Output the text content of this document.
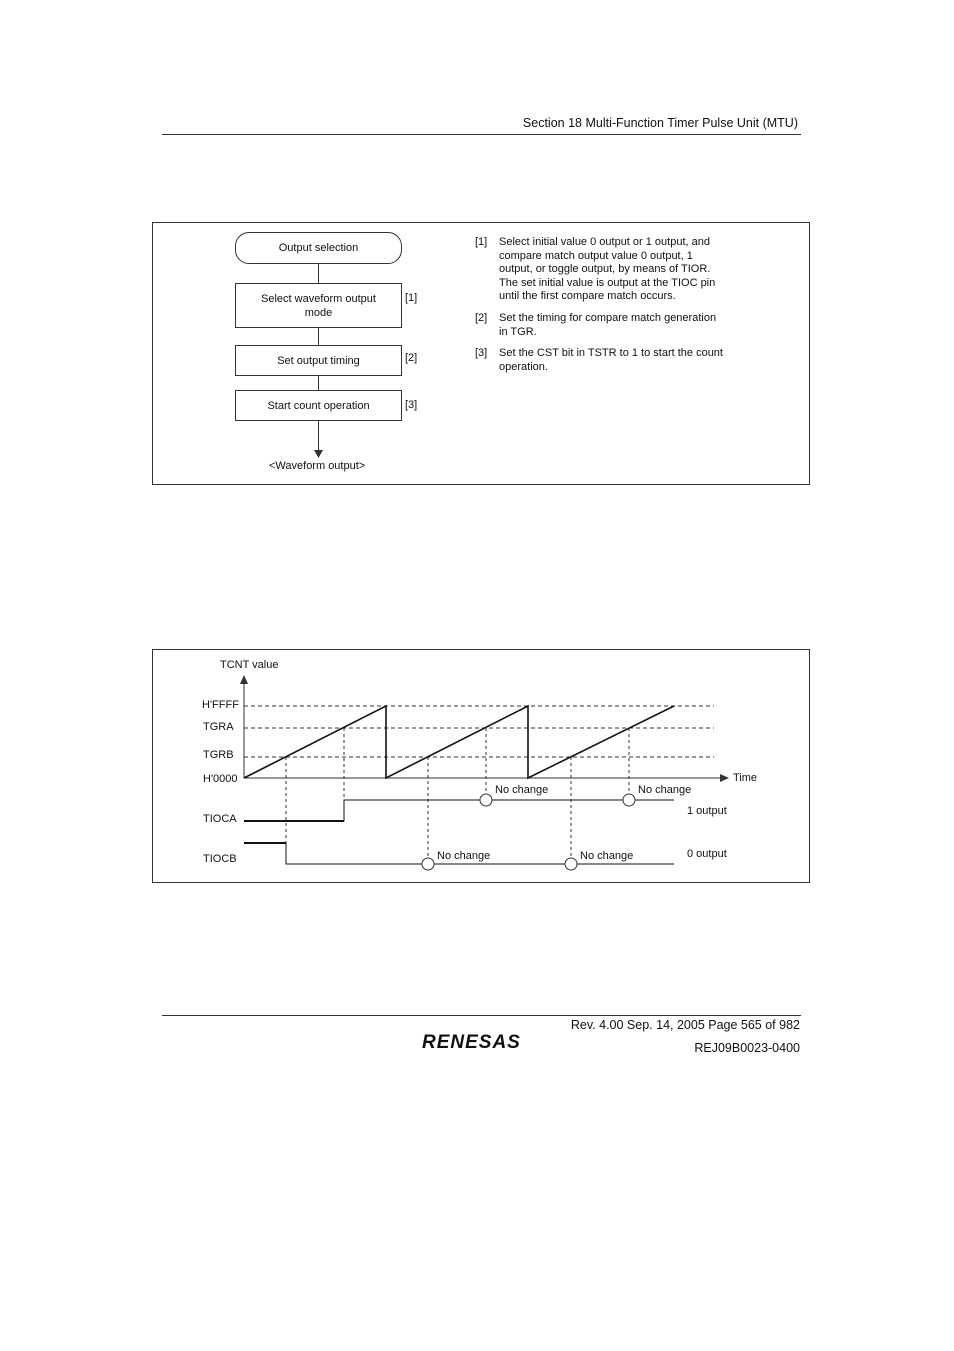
Section 18 Multi-Function Timer Pulse Unit (MTU)
Output selection
Select waveform output mode
Set output timing
Start count operation
[1]
[2]
[3]
<Waveform output>
[1]	Select initial value 0 output or 1 output, and compare match output value 0 output, 1 output, or toggle output, by means of TIOR. The set initial value is output at the TIOC pin until the first compare match occurs.
[2]	Set the timing for compare match generation in TGR.
[3]	Set the CST bit in TSTR to 1 to start the count operation.
TCNT value
Time
H'FFFF
TGRA
TGRB
H'0000
TIOCA
TIOCB
No change	No change
No change	No change
1 output
0 output
Rev. 4.00 Sep. 14, 2005 Page 565 of 982
REJ09B0023-0400
RENESAS
